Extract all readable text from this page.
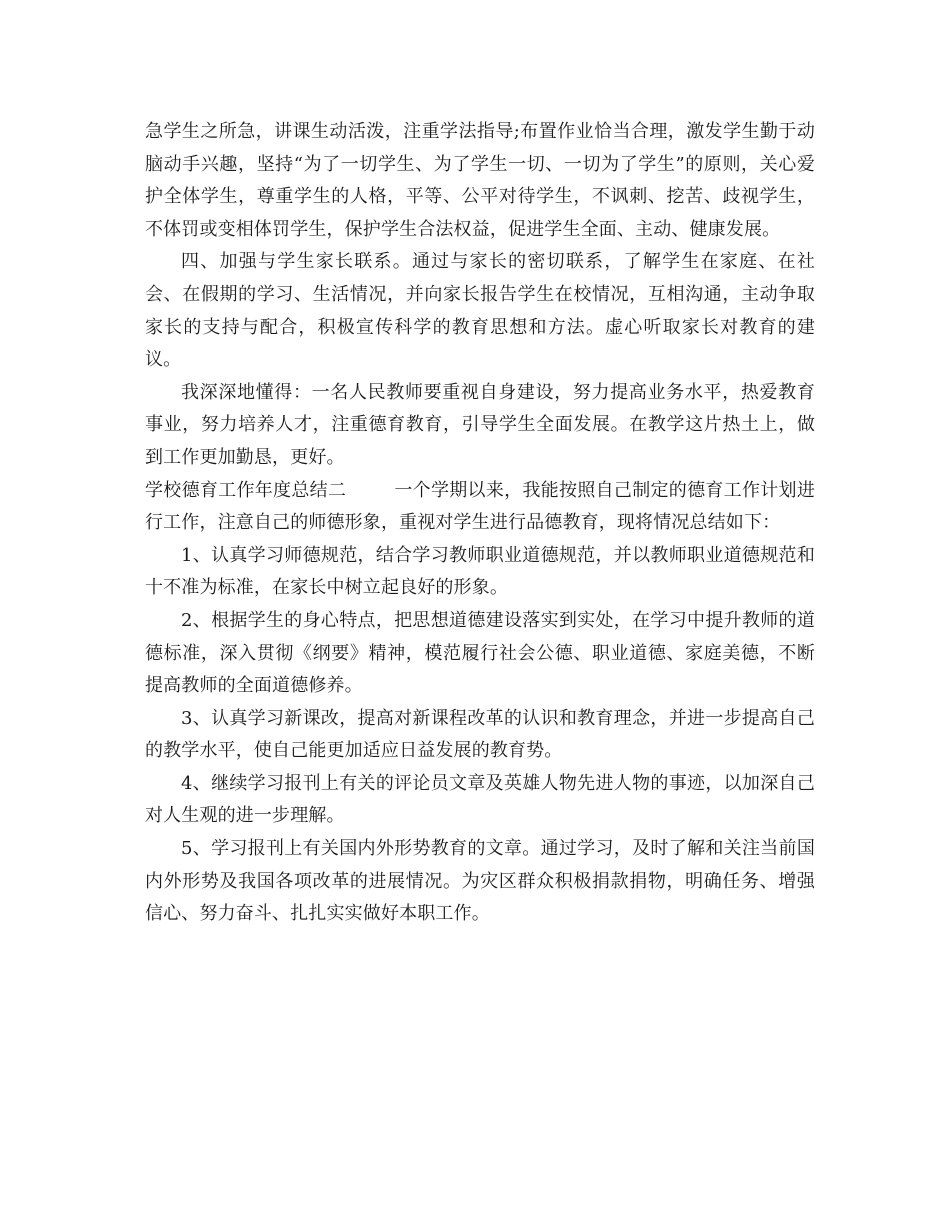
急学生之所急，讲课生动活泼，注重学法指导;布置作业恰当合理，激发学生勤于动脑动手兴趣，坚持“为了一切学生、为了学生一切、一切为了学生”的原则，关心爱护全体学生，尊重学生的人格，平等、公平对待学生，不讽刺、挖苦、歧视学生，不体罚或变相体罚学生，保护学生合法权益，促进学生全面、主动、健康发展。

四、加强与学生家长联系。通过与家长的密切联系，了解学生在家庭、在社会、在假期的学习、生活情况，并向家长报告学生在校情况，互相沟通，主动争取家长的支持与配合，积极宣传科学的教育思想和方法。虚心听取家长对教育的建议。

我深深地懂得：一名人民教师要重视自身建设，努力提高业务水平，热爱教育事业，努力培养人才，注重德育教育，引导学生全面发展。在教学这片热土上，做到工作更加勤恳，更好。

学校德育工作年度总结二	一个学期以来，我能按照自己制定的德育工作计划进行工作，注意自己的师德形象，重视对学生进行品德教育，现将情况总结如下：

1、认真学习师德规范，结合学习教师职业道德规范，并以教师职业道德规范和十不准为标准，在家长中树立起良好的形象。

2、根据学生的身心特点，把思想道德建设落实到实处，在学习中提升教师的道德标准，深入贯彻《纲要》精神，模范履行社会公德、职业道德、家庭美德，不断提高教师的全面道德修养。

3、认真学习新课改，提高对新课程改革的认识和教育理念，并进一步提高自己的教学水平，使自己能更加适应日益发展的教育势。

4、继续学习报刊上有关的评论员文章及英雄人物先进人物的事迹，以加深自己对人生观的进一步理解。

5、学习报刊上有关国内外形势教育的文章。通过学习，及时了解和关注当前国内外形势及我国各项改革的进展情况。为灾区群众积极捐款捐物，明确任务、增强信心、努力奋斗、扎扎实实做好本职工作。
